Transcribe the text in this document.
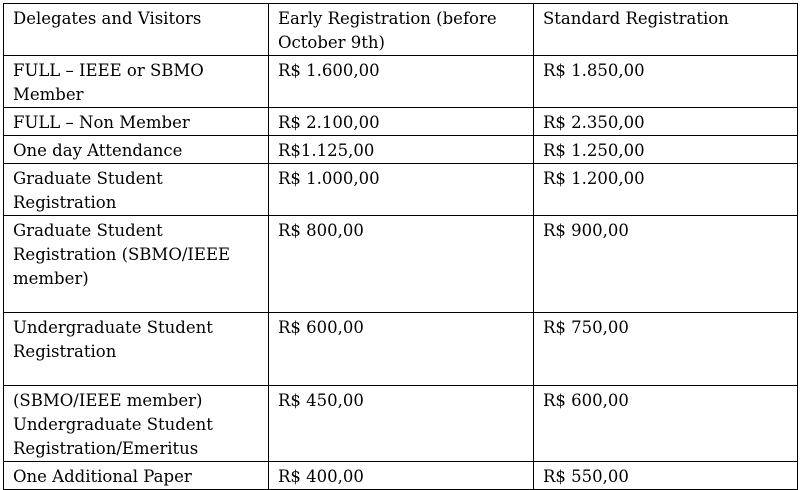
Delegates and Visitors	Early Registration (before October 9th)	Standard Registration
FULL – IEEE or SBMO Member	R$ 1.600,00	R$ 1.850,00
FULL – Non Member	R$ 2.100,00	R$ 2.350,00
One day Attendance	R$1.125,00	R$ 1.250,00
Graduate Student Registration	R$ 1.000,00	R$ 1.200,00
Graduate Student Registration (SBMO/IEEE member)	R$ 800,00	R$ 900,00
Undergraduate Student Registration	R$ 600,00	R$ 750,00
(SBMO/IEEE member) Undergraduate Student Registration/Emeritus	R$ 450,00	R$ 600,00
One Additional Paper	R$ 400,00	R$ 550,00
